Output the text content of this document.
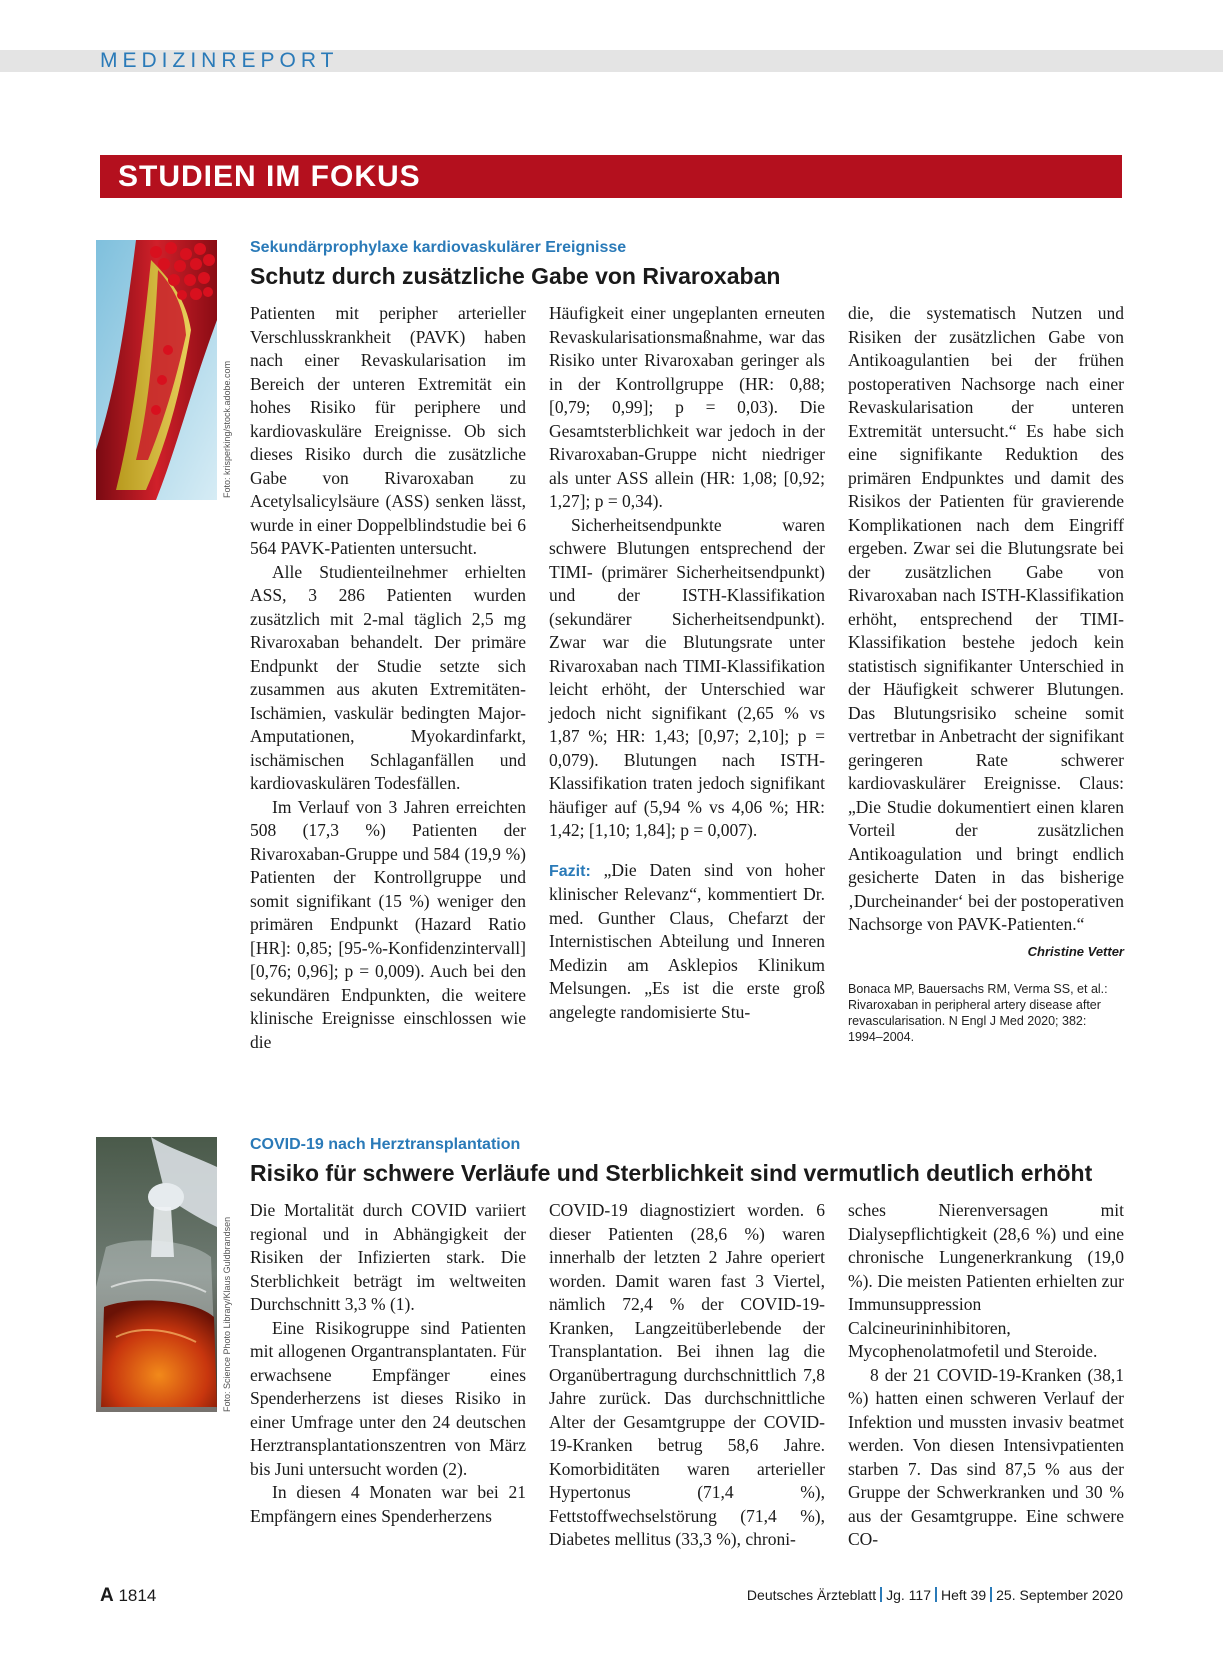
MEDIZINREPORT
STUDIEN IM FOKUS
Foto: krisperking/stock.adobe.com
Sekundärprophylaxe kardiovaskulärer Ereignisse
Schutz durch zusätzliche Gabe von Rivaroxaban

Patienten mit peripher arterieller Verschlusskrankheit (PAVK) haben nach einer Revaskularisation im Bereich der unteren Extremität ein hohes Risiko für periphere und kardiovaskuläre Ereignisse. Ob sich dieses Risiko durch die zusätzliche Gabe von Rivaroxaban zu Acetylsalicylsäure (ASS) senken lässt, wurde in einer Doppelblindstudie bei 6 564 PAVK-Patienten untersucht.

Alle Studienteilnehmer erhielten ASS, 3 286 Patienten wurden zusätzlich mit 2-mal täglich 2,5 mg Rivaroxaban behandelt. Der primäre Endpunkt der Studie setzte sich zusammen aus akuten Extremitäten-Ischämien, vaskulär bedingten Major-Amputationen, Myokardinfarkt, ischämischen Schlaganfällen und kardiovaskulären Todesfällen.

Im Verlauf von 3 Jahren erreichten 508 (17,3 %) Patienten der Rivaroxaban-Gruppe und 584 (19,9 %) Patienten der Kontrollgruppe und somit signifikant (15 %) weniger den primären Endpunkt (Hazard Ratio [HR]: 0,85; [95-%-Konfidenzintervall] [0,76; 0,96]; p = 0,009). Auch bei den sekundären Endpunkten, die weitere klinische Ereignisse einschlossen wie die

Häufigkeit einer ungeplanten erneuten Revaskularisationsmaßnahme, war das Risiko unter Rivaroxaban geringer als in der Kontrollgruppe (HR: 0,88; [0,79; 0,99]; p = 0,03). Die Gesamtsterblichkeit war jedoch in der Rivaroxaban-Gruppe nicht niedriger als unter ASS allein (HR: 1,08; [0,92; 1,27]; p = 0,34).

Sicherheitsendpunkte waren schwere Blutungen entsprechend der TIMI- (primärer Sicherheitsendpunkt) und der ISTH-Klassifikation (sekundärer Sicherheitsendpunkt). Zwar war die Blutungsrate unter Rivaroxaban nach TIMI-Klassifikation leicht erhöht, der Unterschied war jedoch nicht signifikant (2,65 % vs 1,87 %; HR: 1,43; [0,97; 2,10]; p = 0,079). Blutungen nach ISTH-Klassifikation traten jedoch signifikant häufiger auf (5,94 % vs 4,06 %; HR: 1,42; [1,10; 1,84]; p = 0,007).

Fazit: „Die Daten sind von hoher klinischer Relevanz“, kommentiert Dr. med. Gunther Claus, Chefarzt der Internistischen Abteilung und Inneren Medizin am Asklepios Klinikum Melsungen. „Es ist die erste groß angelegte randomisierte Stu-

die, die systematisch Nutzen und Risiken der zusätzlichen Gabe von Antikoagulantien bei der frühen postoperativen Nachsorge nach einer Revaskularisation der unteren Extremität untersucht.“ Es habe sich eine signifikante Reduktion des primären Endpunktes und damit des Risikos der Patienten für gravierende Komplikationen nach dem Eingriff ergeben. Zwar sei die Blutungsrate bei der zusätzlichen Gabe von Rivaroxaban nach ISTH-Klassifikation erhöht, entsprechend der TIMI-Klassifikation bestehe jedoch kein statistisch signifikanter Unterschied in der Häufigkeit schwerer Blutungen. Das Blutungsrisiko scheine somit vertretbar in Anbetracht der signifikant geringeren Rate schwerer kardiovaskulärer Ereignisse. Claus: „Die Studie dokumentiert einen klaren Vorteil der zusätzlichen Antikoagulation und bringt endlich gesicherte Daten in das bisherige ‚Durcheinander‘ bei der postoperativen Nachsorge von PAVK-Patienten.“
Christine Vetter

Bonaca MP, Bauersachs RM, Verma SS, et al.: Rivaroxaban in peripheral artery disease after revascularisation. N Engl J Med 2020; 382: 1994–2004.
Foto: Science Photo Library/Klaus Guldbrandsen
COVID-19 nach Herztransplantation
Risiko für schwere Verläufe und Sterblichkeit sind vermutlich deutlich erhöht

Die Mortalität durch COVID variiert regional und in Abhängigkeit der Risiken der Infizierten stark. Die Sterblichkeit beträgt im weltweiten Durchschnitt 3,3 % (1).

Eine Risikogruppe sind Patienten mit allogenen Organtransplantaten. Für erwachsene Empfänger eines Spenderherzens ist dieses Risiko in einer Umfrage unter den 24 deutschen Herztransplantationszentren von März bis Juni untersucht worden (2).

In diesen 4 Monaten war bei 21 Empfängern eines Spenderherzens

COVID-19 diagnostiziert worden. 6 dieser Patienten (28,6 %) waren innerhalb der letzten 2 Jahre operiert worden. Damit waren fast 3 Viertel, nämlich 72,4 % der COVID-19-Kranken, Langzeitüberlebende der Transplantation. Bei ihnen lag die Organübertragung durchschnittlich 7,8 Jahre zurück. Das durchschnittliche Alter der Gesamtgruppe der COVID-19-Kranken betrug 58,6 Jahre. Komorbiditäten waren arterieller Hypertonus (71,4 %), Fettstoffwechselstörung (71,4 %), Diabetes mellitus (33,3 %), chroni-

sches Nierenversagen mit Dialysepflichtigkeit (28,6 %) und eine chronische Lungenerkrankung (19,0 %). Die meisten Patienten erhielten zur Immunsuppression Calcineurininhibitoren, Mycophenolatmofetil und Steroide.

8 der 21 COVID-19-Kranken (38,1 %) hatten einen schweren Verlauf der Infektion und mussten invasiv beatmet werden. Von diesen Intensivpatienten starben 7. Das sind 87,5 % aus der Gruppe der Schwerkranken und 30 % aus der Gesamtgruppe. Eine schwere CO-

A 1814	Deutsches Ärzteblatt Jg. 117 Heft 39 25. September 2020
